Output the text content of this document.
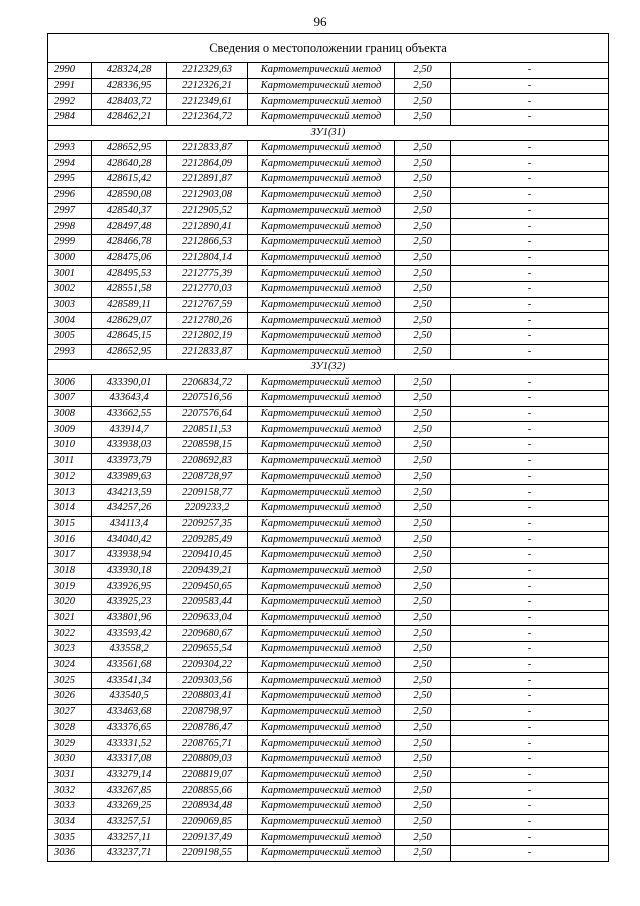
96
Сведения о местоположении границ объекта					
2990	428324,28	2212329,63	Картометрический метод	2,50	-
2991	428336,95	2212326,21	Картометрический метод	2,50	-
2992	428403,72	2212349,61	Картометрический метод	2,50	-
2984	428462,21	2212364,72	Картометрический метод	2,50	-
ЗУ1(31)					
2993	428652,95	2212833,87	Картометрический метод	2,50	-
2994	428640,28	2212864,09	Картометрический метод	2,50	-
2995	428615,42	2212891,87	Картометрический метод	2,50	-
2996	428590,08	2212903,08	Картометрический метод	2,50	-
2997	428540,37	2212905,52	Картометрический метод	2,50	-
2998	428497,48	2212890,41	Картометрический метод	2,50	-
2999	428466,78	2212866,53	Картометрический метод	2,50	-
3000	428475,06	2212804,14	Картометрический метод	2,50	-
3001	428495,53	2212775,39	Картометрический метод	2,50	-
3002	428551,58	2212770,03	Картометрический метод	2,50	-
3003	428589,11	2212767,59	Картометрический метод	2,50	-
3004	428629,07	2212780,26	Картометрический метод	2,50	-
3005	428645,15	2212802,19	Картометрический метод	2,50	-
2993	428652,95	2212833,87	Картометрический метод	2,50	-
ЗУ1(32)					
3006	433390,01	2206834,72	Картометрический метод	2,50	-
3007	433643,4	2207516,56	Картометрический метод	2,50	-
3008	433662,55	2207576,64	Картометрический метод	2,50	-
3009	433914,7	2208511,53	Картометрический метод	2,50	-
3010	433938,03	2208598,15	Картометрический метод	2,50	-
3011	433973,79	2208692,83	Картометрический метод	2,50	-
3012	433989,63	2208728,97	Картометрический метод	2,50	-
3013	434213,59	2209158,77	Картометрический метод	2,50	-
3014	434257,26	2209233,2	Картометрический метод	2,50	-
3015	434113,4	2209257,35	Картометрический метод	2,50	-
3016	434040,42	2209285,49	Картометрический метод	2,50	-
3017	433938,94	2209410,45	Картометрический метод	2,50	-
3018	433930,18	2209439,21	Картометрический метод	2,50	-
3019	433926,95	2209450,65	Картометрический метод	2,50	-
3020	433925,23	2209583,44	Картометрический метод	2,50	-
3021	433801,96	2209633,04	Картометрический метод	2,50	-
3022	433593,42	2209680,67	Картометрический метод	2,50	-
3023	433558,2	2209655,54	Картометрический метод	2,50	-
3024	433561,68	2209304,22	Картометрический метод	2,50	-
3025	433541,34	2209303,56	Картометрический метод	2,50	-
3026	433540,5	2208803,41	Картометрический метод	2,50	-
3027	433463,68	2208798,97	Картометрический метод	2,50	-
3028	433376,65	2208786,47	Картометрический метод	2,50	-
3029	433331,52	2208765,71	Картометрический метод	2,50	-
3030	433317,08	2208809,03	Картометрический метод	2,50	-
3031	433279,14	2208819,07	Картометрический метод	2,50	-
3032	433267,85	2208855,66	Картометрический метод	2,50	-
3033	433269,25	2208934,48	Картометрический метод	2,50	-
3034	433257,51	2209069,85	Картометрический метод	2,50	-
3035	433257,11	2209137,49	Картометрический метод	2,50	-
3036	433237,71	2209198,55	Картометрический метод	2,50	-
